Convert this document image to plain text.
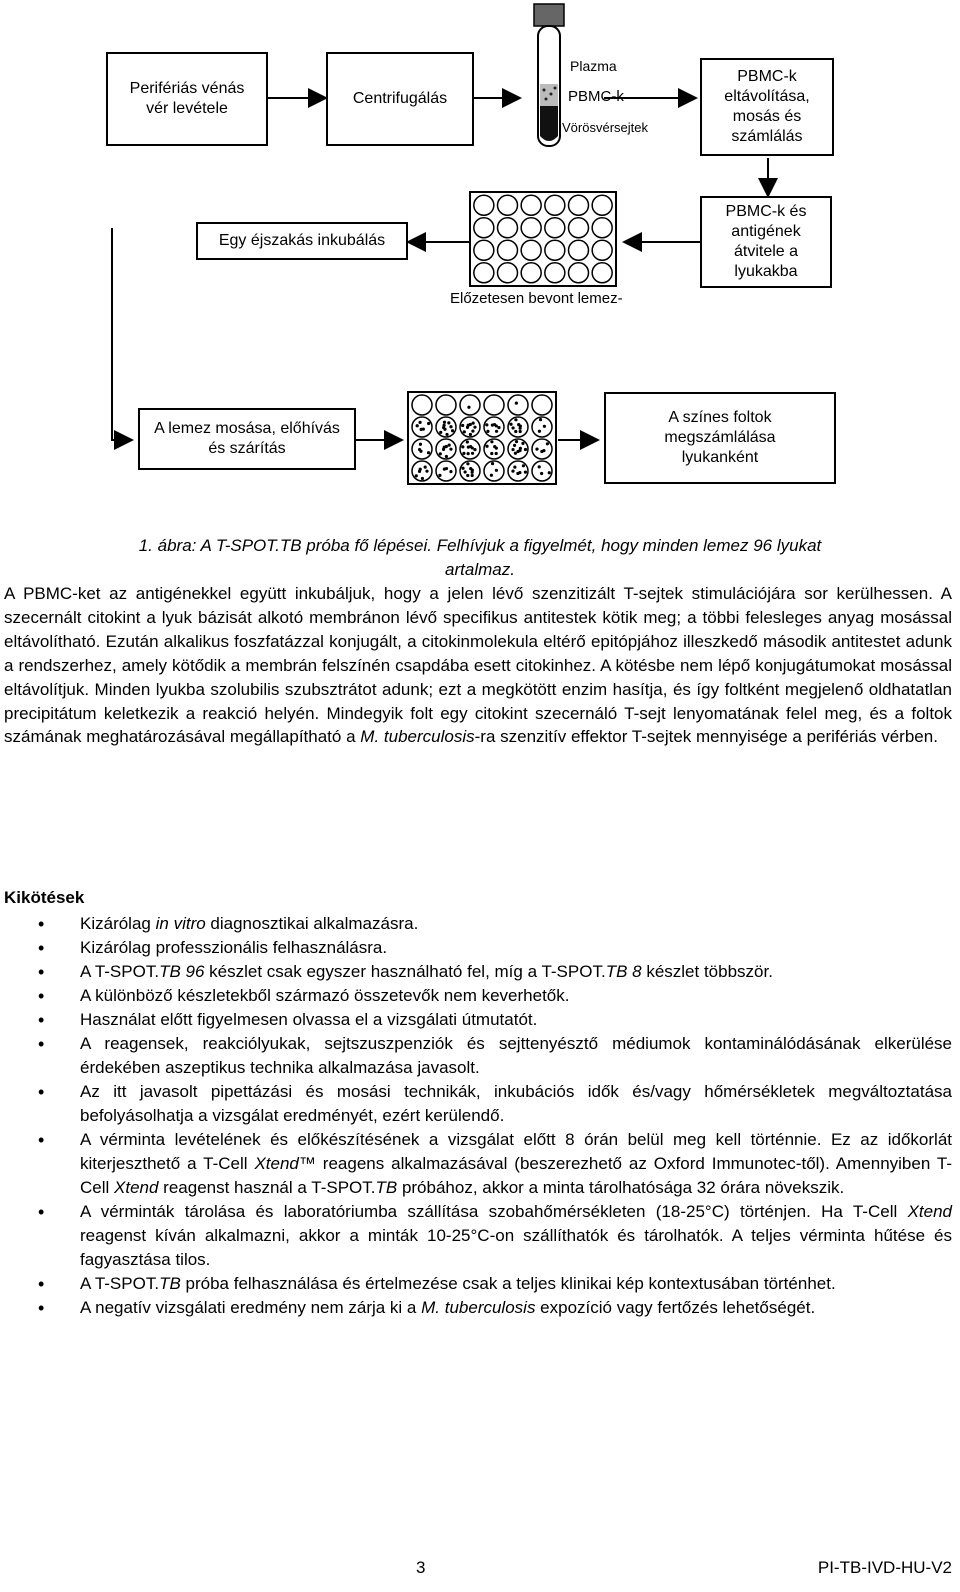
Perifériás vénás vér levétele
Centrifugálás
Plazma
PBMC-k
Vörösvérsejtek
PBMC-k eltávolítása, mosás és számlálás
Egy éjszakás inkubálás
Előzetesen bevont lemez-
PBMC-k és antigének átvitele a lyukakba
A lemez mosása, előhívás és szárítás
A színes foltok megszámlálása lyukanként
1. ábra: A T-SPOT.TB próba fő lépései. Felhívjuk a figyelmét, hogy minden lemez 96 lyukat
artalmaz.
A PBMC-ket az antigénekkel együtt inkubáljuk, hogy a jelen lévő szenzitizált T-sejtek stimulációjára sor kerülhessen. A szecernált citokint a lyuk bázisát alkotó membránon lévő specifikus antitestek kötik meg; a többi felesleges anyag mosással eltávolítható. Ezután alkalikus foszfatázzal konjugált, a citokinmolekula eltérő epitópjához illeszkedő második antitestet adunk a rendszerhez, amely kötődik a membrán felszínén csapdába esett citokinhez. A kötésbe nem lépő konjugátumokat mosással eltávolítjuk. Minden lyukba szolubilis szubsztrátot adunk; ezt a megkötött enzim hasítja, és így foltként megjelenő oldhatatlan precipitátum keletkezik a reakció helyén. Mindegyik folt egy citokint szecernáló T-sejt lenyomatának felel meg, és a foltok számának meghatározásával megállapítható a M. tuberculosis-ra szenzitív effektor T-sejtek mennyisége a perifériás vérben.
Kikötések
• Kizárólag in vitro diagnosztikai alkalmazásra.
• Kizárólag professzionális felhasználásra.
• A T-SPOT.TB 96 készlet csak egyszer használható fel, míg a T-SPOT.TB 8 készlet többször.
• A különböző készletekből származó összetevők nem keverhetők.
• Használat előtt figyelmesen olvassa el a vizsgálati útmutatót.
• A reagensek, reakciólyukak, sejtszuszpenziók és sejttenyésztő médiumok kontaminálódásának elkerülése érdekében aszeptikus technika alkalmazása javasolt.
• Az itt javasolt pipettázási és mosási technikák, inkubációs idők és/vagy hőmérsékletek megváltoztatása befolyásolhatja a vizsgálat eredményét, ezért kerülendő.
• A vérminta levételének és előkészítésének a vizsgálat előtt 8 órán belül meg kell történnie. Ez az időkorlát kiterjeszthető a T-Cell Xtend™ reagens alkalmazásával (beszerezhető az Oxford Immunotec-től). Amennyiben T-Cell Xtend reagenst használ a T-SPOT.TB próbához, akkor a minta tárolhatósága 32 órára növekszik.
• A vérminták tárolása és laboratóriumba szállítása szobahőmérsékleten (18-25°C) történjen. Ha T-Cell Xtend reagenst kíván alkalmazni, akkor a minták 10-25°C-on szállíthatók és tárolhatók. A teljes vérminta hűtése és fagyasztása tilos.
• A T-SPOT.TB próba felhasználása és értelmezése csak a teljes klinikai kép kontextusában történhet.
• A negatív vizsgálati eredmény nem zárja ki a M. tuberculosis expozíció vagy fertőzés lehetőségét.
3	PI-TB-IVD-HU-V2
